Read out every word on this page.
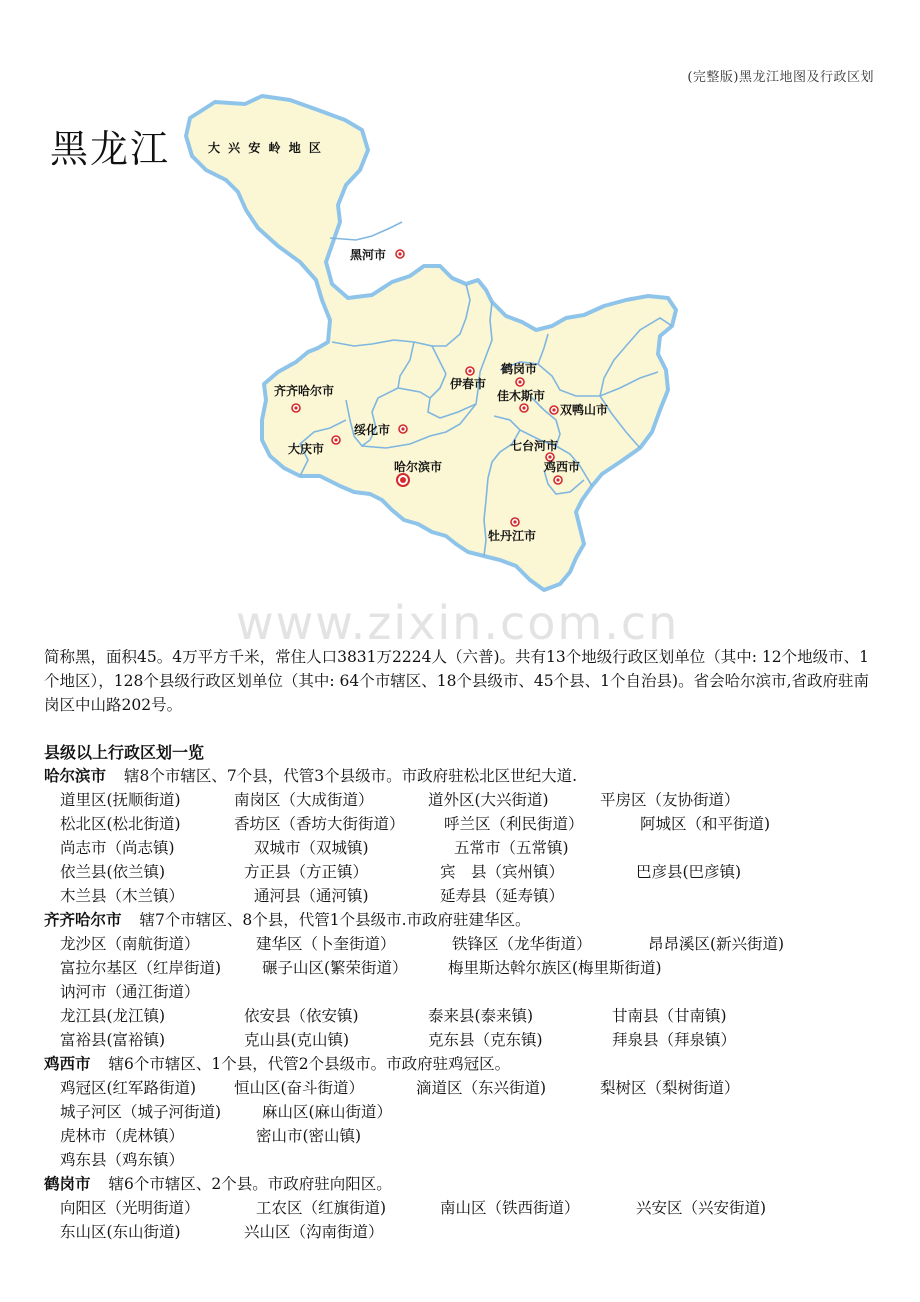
(完整版)黑龙江地图及行政区划
大 兴 安 岭 地 区
黑河市
齐齐哈尔市
大庆市
绥化市
哈尔滨市
伊春市
鹤岗市
佳木斯市
双鸭山市
七台河市
鸡西市
牡丹江市
黑龙江
www.zixin.com.cn
简称黑，面积45。4万平方千米，常住人口3831万2224人（六普)。共有13个地级行政区划单位（其中: 12个地级市、1个地区），128个县级行政区划单位（其中: 64个市辖区、18个县级市、45个县、1个自治县)。省会哈尔滨市,省政府驻南岗区中山路202号。
县级以上行政区划一览
哈尔滨市 辖8个市辖区、7个县，代管3个县级市。市政府驻松北区世纪大道.
道里区(抚顺街道)	南岗区（大成街道）	道外区(大兴街道)	平房区（友协街道）
松北区(松北街道)	香坊区（香坊大街街道）	呼兰区（利民街道）	阿城区（和平街道)
尚志市（尚志镇)	双城市（双城镇)	五常市（五常镇)
依兰县(依兰镇)	方正县（方正镇）	宾　县（宾州镇）	巴彦县(巴彦镇)
木兰县（木兰镇）	通河县（通河镇)	延寿县（延寿镇）
齐齐哈尔市 辖7个市辖区、8个县，代管1个县级市.市政府驻建华区。
龙沙区（南航街道）	建华区（卜奎街道）	铁锋区（龙华街道）	昂昂溪区(新兴街道)
富拉尔基区（红岸街道)	碾子山区(繁荣街道）	梅里斯达斡尔族区(梅里斯街道)
讷河市（通江街道）
龙江县(龙江镇)	依安县（依安镇)	泰来县(泰来镇)	甘南县（甘南镇)
富裕县(富裕镇)	克山县(克山镇)	克东县（克东镇)	拜泉县（拜泉镇）
鸡西市 辖6个市辖区、1个县，代管2个县级市。市政府驻鸡冠区。
鸡冠区(红军路街道) 恒山区(奋斗街道）	滴道区（东兴街道)	梨树区（梨树街道）
城子河区（城子河街道)	麻山区(麻山街道）
虎林市（虎林镇）	密山市(密山镇)
鸡东县（鸡东镇）
鹤岗市 辖6个市辖区、2个县。市政府驻向阳区。
向阳区（光明街道）	工农区（红旗街道)	南山区（铁西街道）	兴安区（兴安街道)
东山区(东山街道)	兴山区（沟南街道）
